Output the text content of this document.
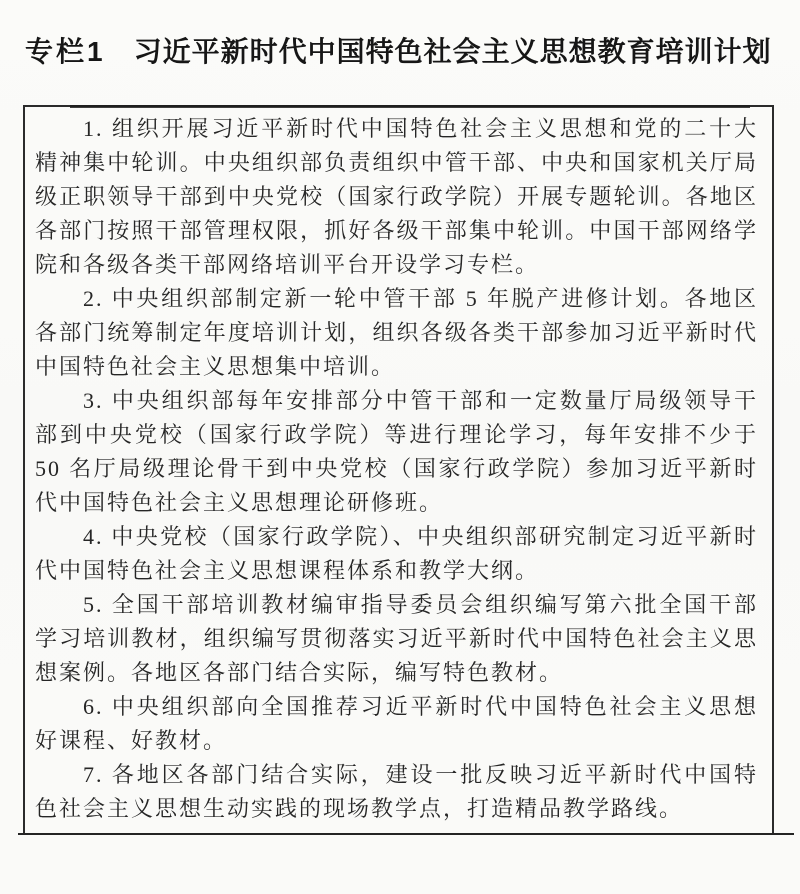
专栏1 习近平新时代中国特色社会主义思想教育培训计划

1. 组织开展习近平新时代中国特色社会主义思想和党的二十大精神集中轮训。中央组织部负责组织中管干部、中央和国家机关厅局级正职领导干部到中央党校（国家行政学院）开展专题轮训。各地区各部门按照干部管理权限，抓好各级干部集中轮训。中国干部网络学院和各级各类干部网络培训平台开设学习专栏。

2. 中央组织部制定新一轮中管干部 5 年脱产进修计划。各地区各部门统筹制定年度培训计划，组织各级各类干部参加习近平新时代中国特色社会主义思想集中培训。

3. 中央组织部每年安排部分中管干部和一定数量厅局级领导干部到中央党校（国家行政学院）等进行理论学习，每年安排不少于 50 名厅局级理论骨干到中央党校（国家行政学院）参加习近平新时代中国特色社会主义思想理论研修班。

4. 中央党校（国家行政学院）、中央组织部研究制定习近平新时代中国特色社会主义思想课程体系和教学大纲。

5. 全国干部培训教材编审指导委员会组织编写第六批全国干部学习培训教材，组织编写贯彻落实习近平新时代中国特色社会主义思想案例。各地区各部门结合实际，编写特色教材。

6. 中央组织部向全国推荐习近平新时代中国特色社会主义思想好课程、好教材。

7. 各地区各部门结合实际，建设一批反映习近平新时代中国特色社会主义思想生动实践的现场教学点，打造精品教学路线。
